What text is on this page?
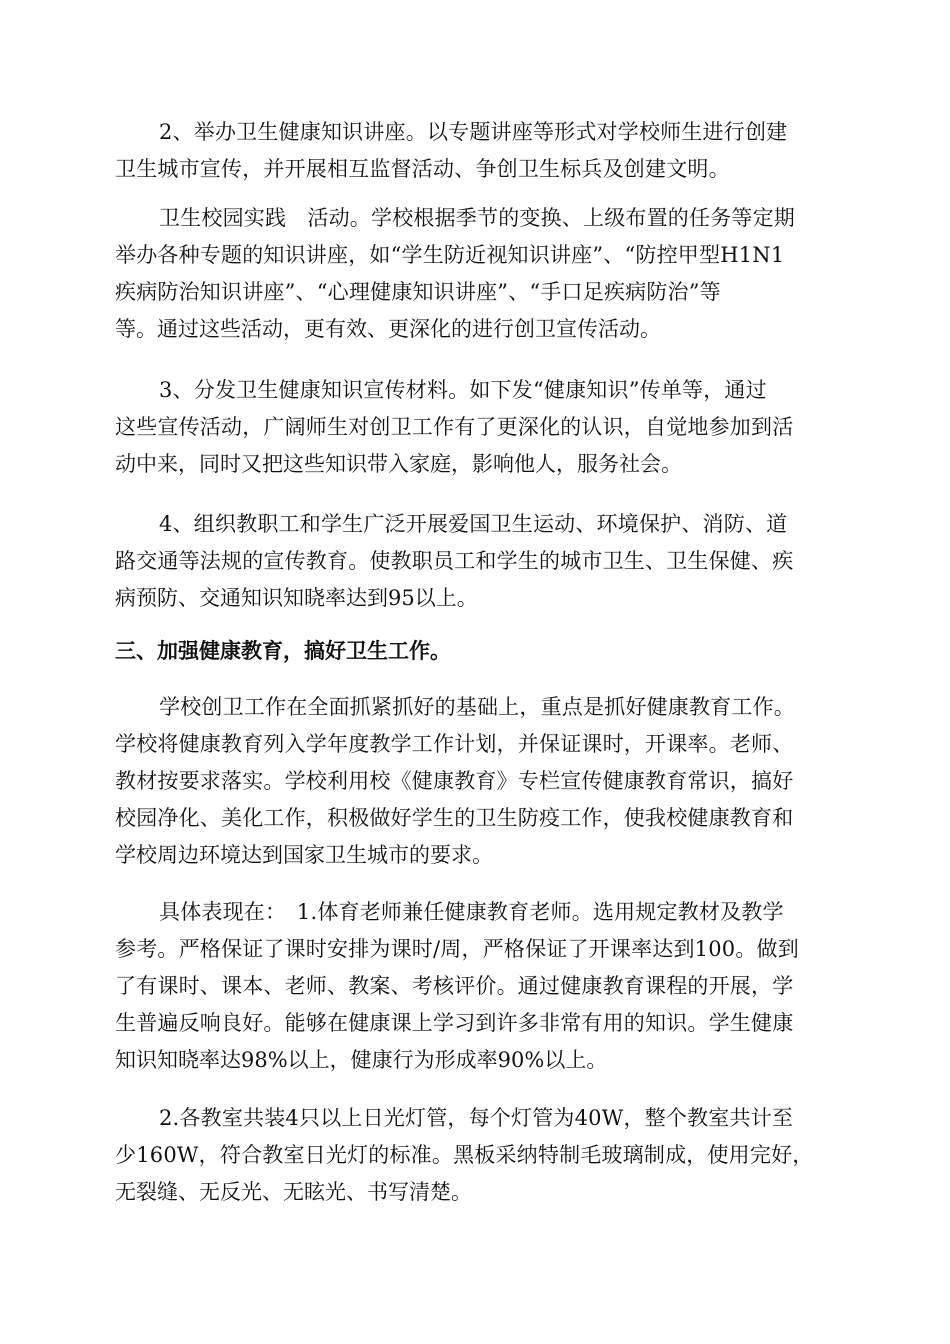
2、举办卫生健康知识讲座。以专题讲座等形式对学校师生进行创建
卫生城市宣传，并开展相互监督活动、争创卫生标兵及创建文明。
卫生校园实践　活动。学校根据季节的变换、上级布置的任务等定期
举办各种专题的知识讲座，如“学生防近视知识讲座”、“防控甲型H1N1
疾病防治知识讲座”、“心理健康知识讲座”、“手口足疾病防治”等
等。通过这些活动，更有效、更深化的进行创卫宣传活动。
3、分发卫生健康知识宣传材料。如下发“健康知识”传单等，通过
这些宣传活动，广阔师生对创卫工作有了更深化的认识，自觉地参加到活
动中来，同时又把这些知识带入家庭，影响他人，服务社会。
4、组织教职工和学生广泛开展爱国卫生运动、环境保护、消防、道
路交通等法规的宣传教育。使教职员工和学生的城市卫生、卫生保健、疾
病预防、交通知识知晓率达到95以上。
三、加强健康教育，搞好卫生工作。
学校创卫工作在全面抓紧抓好的基础上，重点是抓好健康教育工作。
学校将健康教育列入学年度教学工作计划，并保证课时，开课率。老师、
教材按要求落实。学校利用校《健康教育》专栏宣传健康教育常识，搞好
校园净化、美化工作，积极做好学生的卫生防疫工作，使我校健康教育和
学校周边环境达到国家卫生城市的要求。
具体表现在：　1.体育老师兼任健康教育老师。选用规定教材及教学
参考。严格保证了课时安排为课时/周，严格保证了开课率达到100。做到
了有课时、课本、老师、教案、考核评价。通过健康教育课程的开展，学
生普遍反响良好。能够在健康课上学习到许多非常有用的知识。学生健康
知识知晓率达98%以上，健康行为形成率90%以上。
2.各教室共装4只以上日光灯管，每个灯管为40W，整个教室共计至
少160W，符合教室日光灯的标准。黑板采纳特制毛玻璃制成，使用完好，
无裂缝、无反光、无眩光、书写清楚。
